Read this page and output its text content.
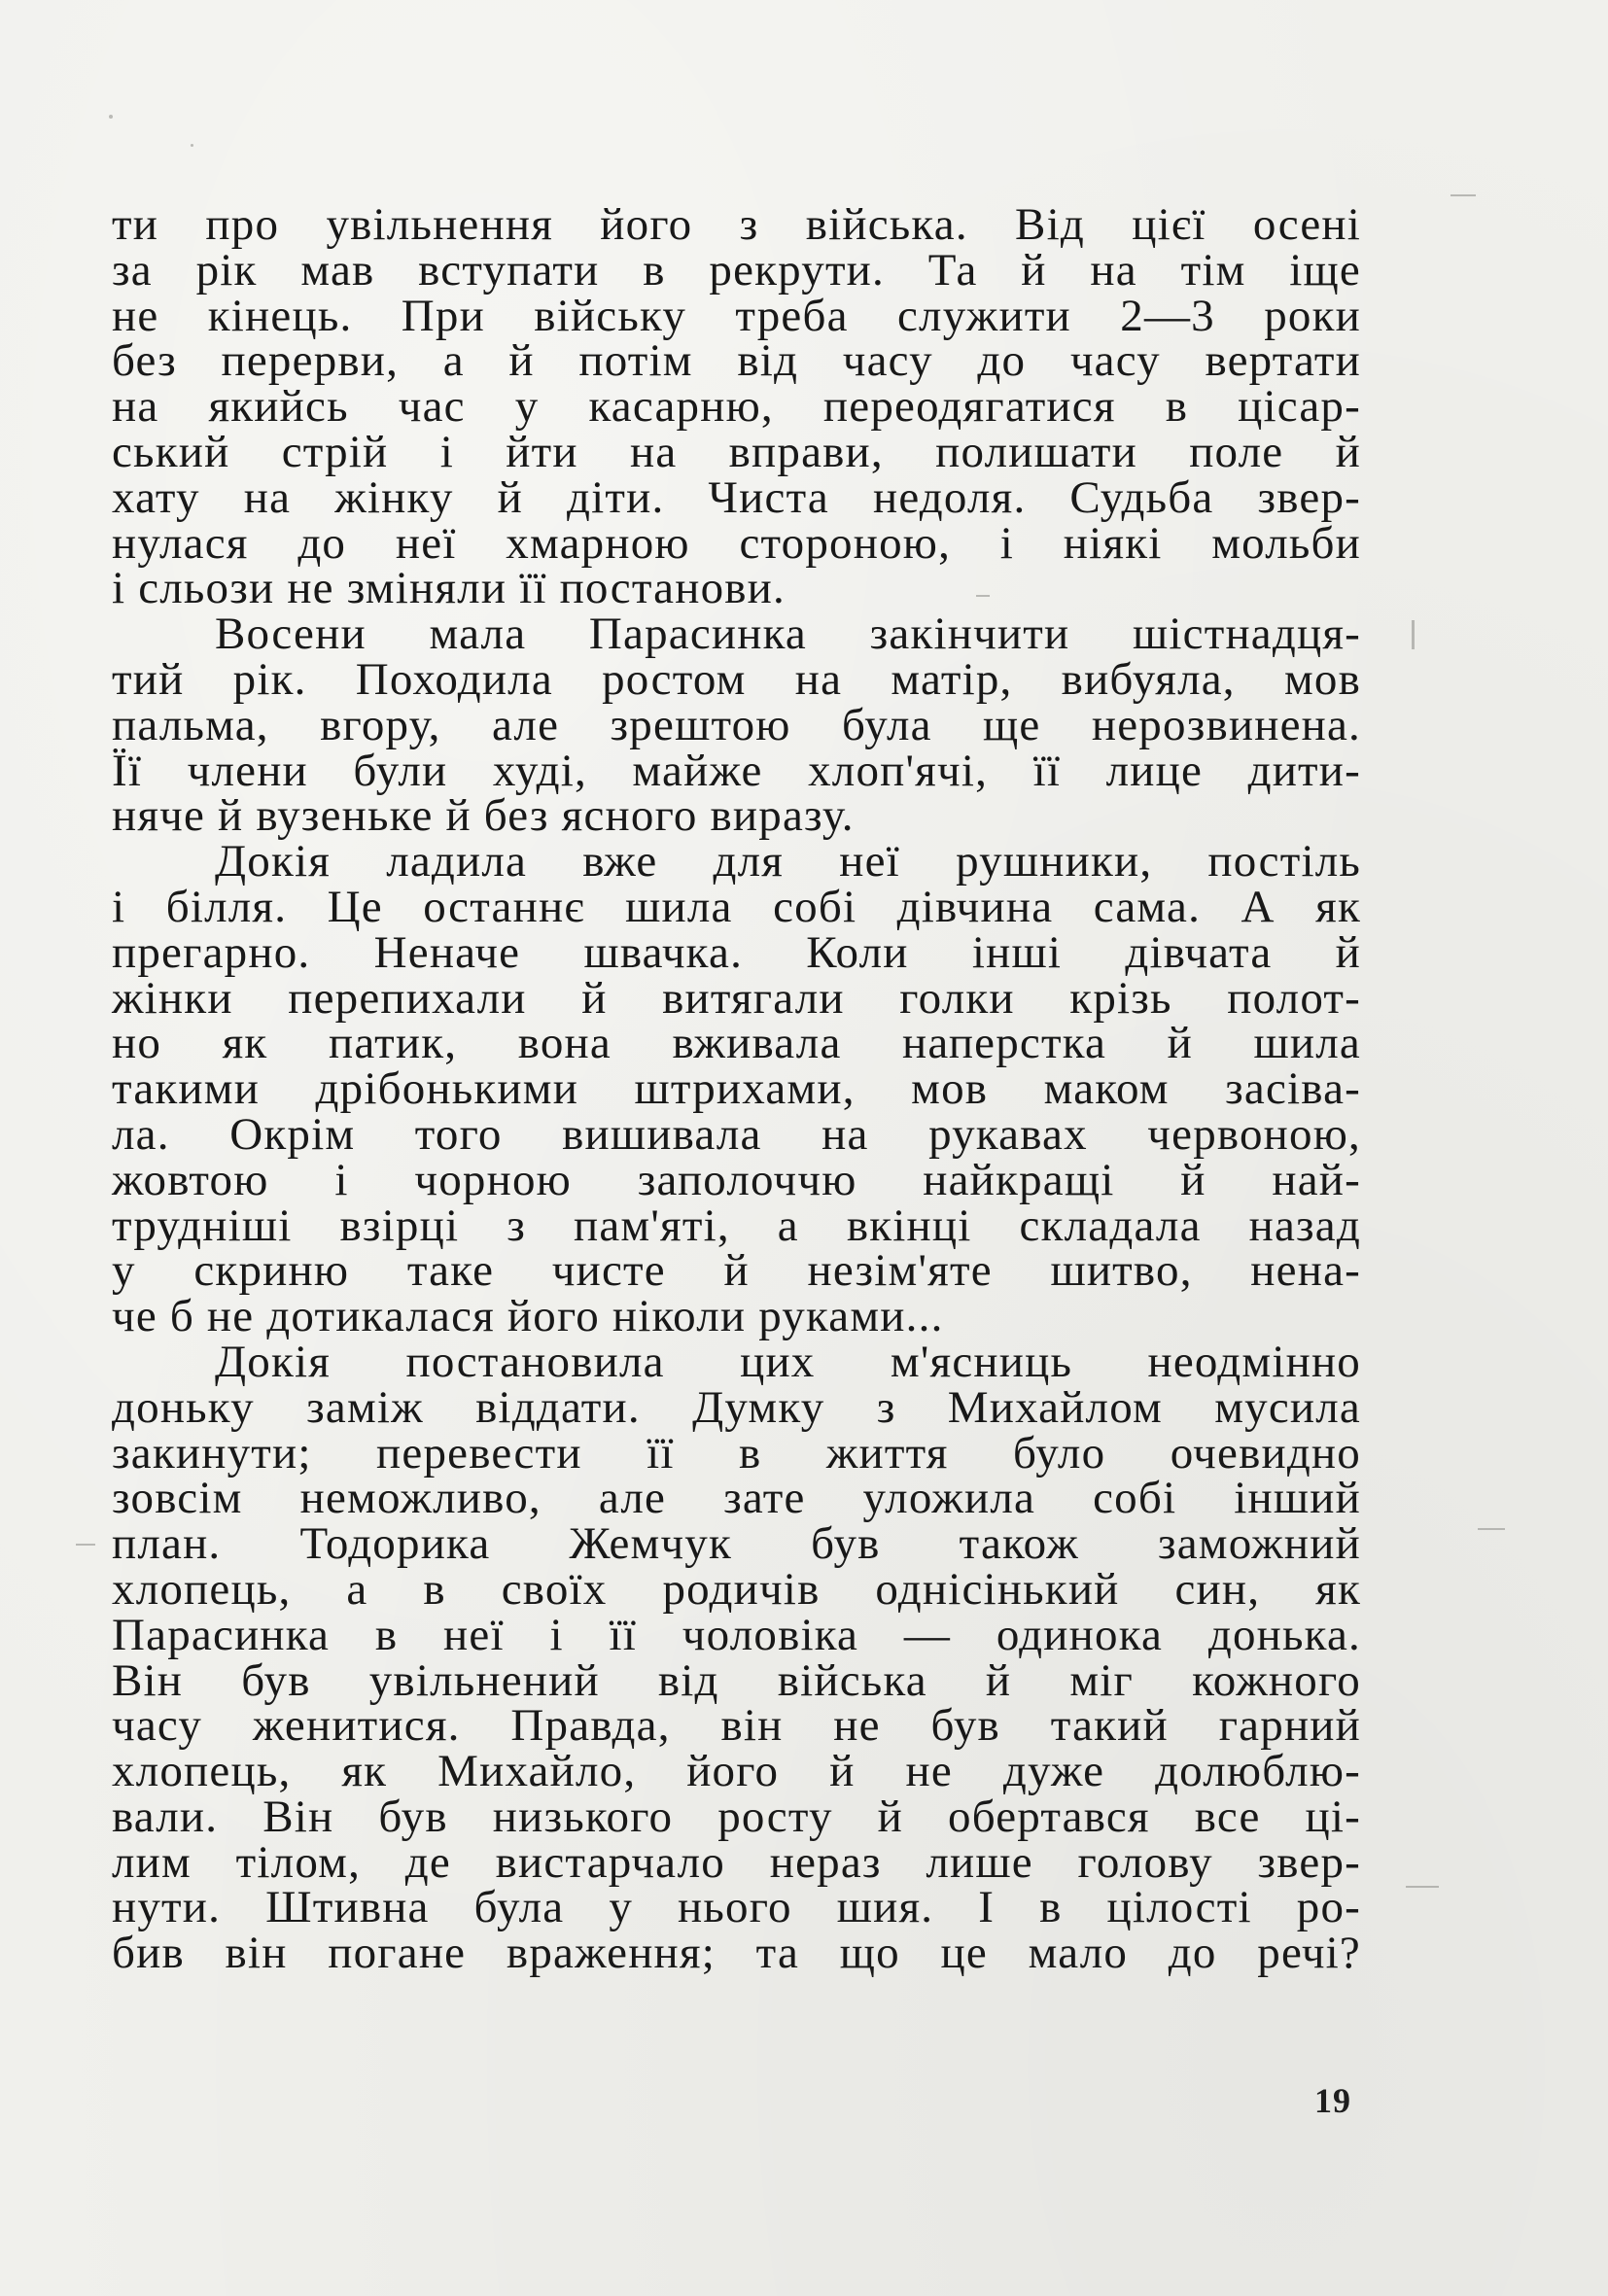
ти про увільнення його з війська. Від цієї осені
за рік мав вступати в рекрути. Та й на тім іще
не кінець. При війську треба служити 2—3 роки
без перерви, а й потім від часу до часу вертати
на якийсь час у касарню, переодягатися в цісар-
ський стрій і йти на вправи, полишати поле й
хату на жінку й діти. Чиста недоля. Судьба звер-
нулася до неї хмарною стороною, і ніякі мольби
і сльози не зміняли її постанови.
Восени мала Парасинка закінчити шістнадця-
тий рік. Походила ростом на матір, вибуяла, мов
пальма, вгору, але зрештою була ще нерозвинена.
Її члени були худі, майже хлоп'ячі, її лице дити-
няче й вузеньке й без ясного виразу.
Докія ладила вже для неї рушники, постіль
і білля. Це останнє шила собі дівчина сама. А як
прегарно. Неначе швачка. Коли інші дівчата й
жінки перепихали й витягали голки крізь полот-
но як патик, вона вживала наперстка й шила
такими дрібонькими штрихами, мов маком засіва-
ла. Окрім того вишивала на рукавах червоною,
жовтою і чорною заполоччю найкращі й най-
трудніші взірці з пам'яті, а вкінці складала назад
у скриню таке чисте й незім'яте шитво, нена-
че б не дотикалася його ніколи руками...
Докія постановила цих м'ясниць неодмінно
доньку заміж віддати. Думку з Михайлом мусила
закинути; перевести її в життя було очевидно
зовсім неможливо, але зате уложила собі інший
план. Тодорика Жемчук був також заможний
хлопець, а в своїх родичів однісінький син, як
Парасинка в неї і її чоловіка — одинока донька.
Він був увільнений від війська й міг кожного
часу женитися. Правда, він не був такий гарний
хлопець, як Михайло, його й не дуже долюблю-
вали. Він був низького росту й обертався все ці-
лим тілом, де вистарчало нераз лише голову звер-
нути. Штивна була у нього шия. І в цілості ро-
бив він погане враження; та що це мало до речі?
19
